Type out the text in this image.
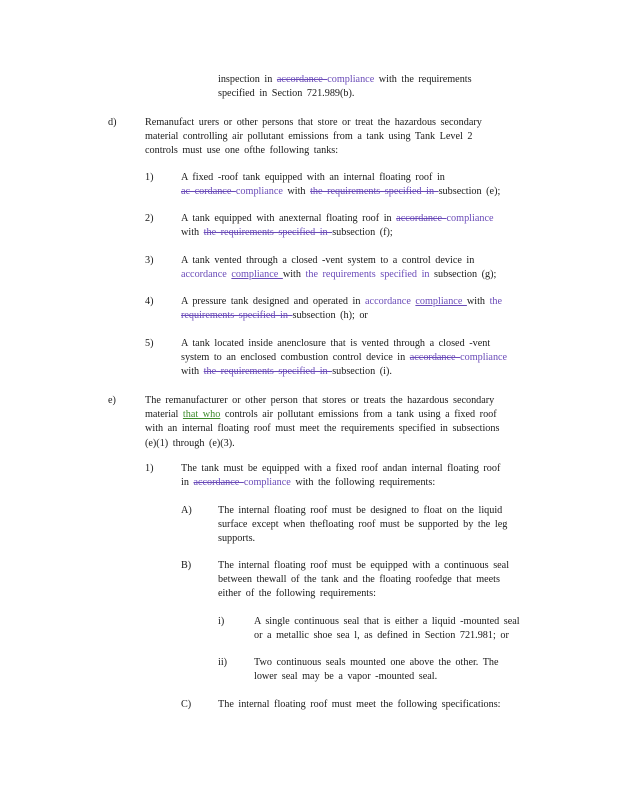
inspection in accordance compliance with the requirements
specified in Section 721.989(b).
d)	Remanufact urers or other persons that store or treat the hazardous secondary
material controlling air pollutant emissions from a tank using Tank Level 2
controls must use one ofthe following tanks:
1)	A fixed -roof tank equipped with an internal floating roof in
ac cordance compliance with the requirements specified in subsection (e);
2)	A tank equipped with anexternal floating roof in accordance compliance
with the requirements specified in subsection (f);
3)	A tank vented through a closed -vent system to a control device in
accordance compliance with the requirements specified in subsection (g);
4)	A pressure tank designed and operated in accordance compliance with the
requirements specified in subsection (h); or
5)	A tank located inside anenclosure that is vented through a closed -vent
system to an enclosed combustion control device in accordance compliance
with the requirements specified in subsection (i).
e)	The remanufacturer or other person that stores or treats the hazardous secondary
material that who controls air pollutant emissions from a tank using a fixed roof
with an internal floating roof must meet the requirements specified in subsections
(e)(1) through (e)(3).
1)	The tank must be equipped with a fixed roof andan internal floating roof
in accordance compliance with the following requirements:
A)	The internal floating roof must be designed to float on the liquid
surface except when thefloating roof must be supported by the leg
supports.
B)	The internal floating roof must be equipped with a continuous seal
between thewall of the tank and the floating roofedge that meets
either of the following requirements:
i)	A single continuous seal that is either a liquid -mounted seal
or a metallic shoe sea l, as defined in Section 721.981; or
ii)	Two continuous seals mounted one above the other. The
lower seal may be a vapor -mounted seal.
C)	The internal floating roof must meet the following specifications:
